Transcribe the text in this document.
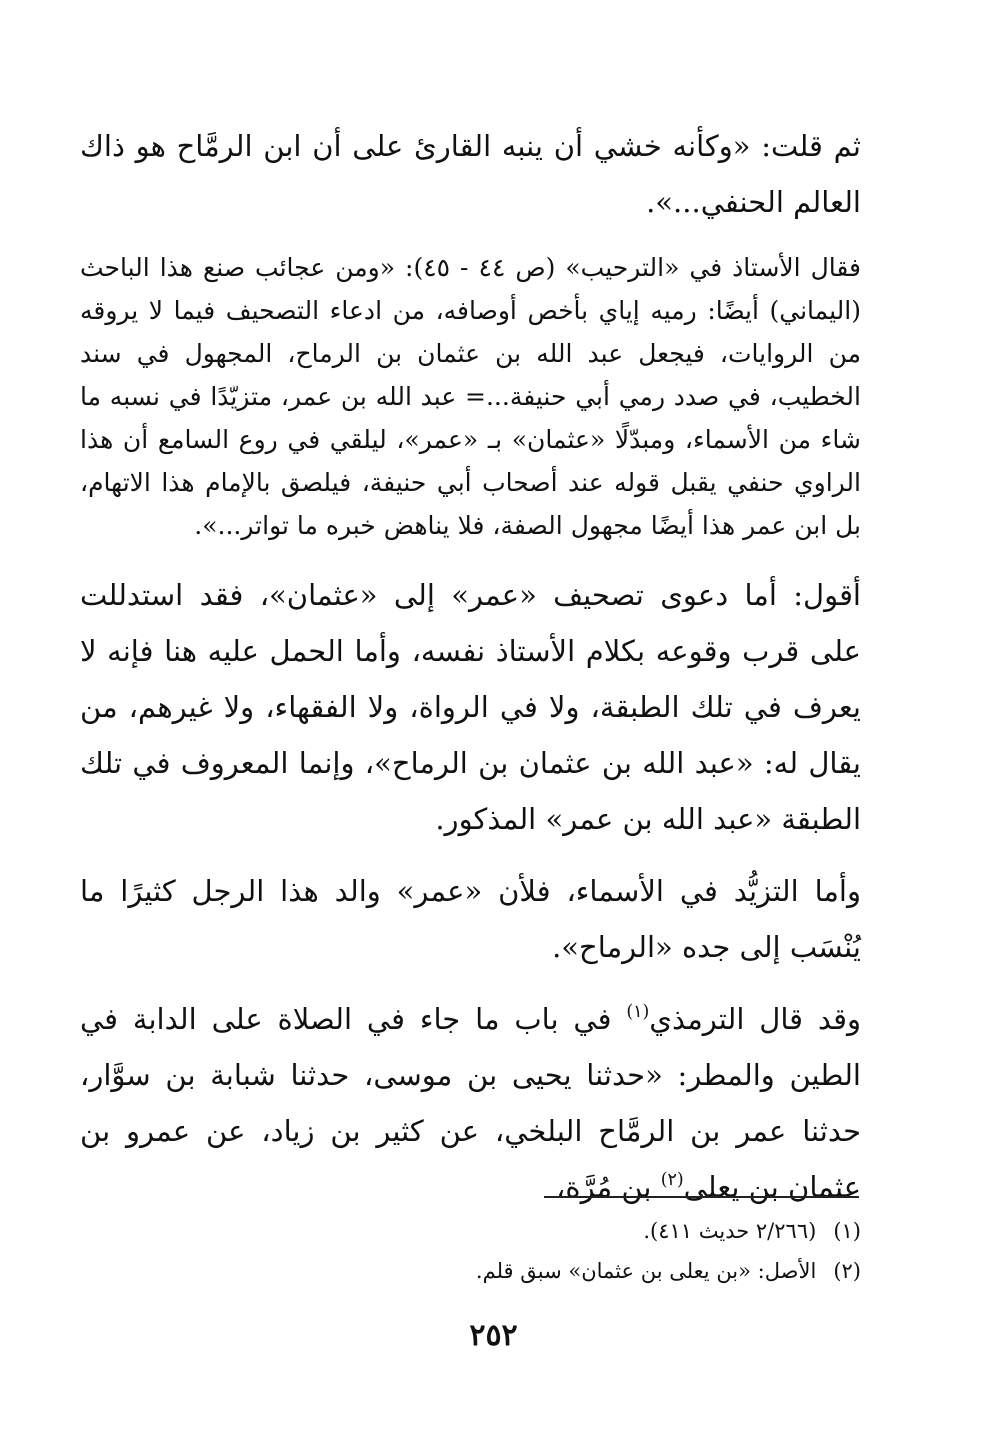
ثم قلت: «وكأنه خشي أن ينبه القارئ على أن ابن الرمَّاح هو ذاك العالم الحنفي...».

فقال الأستاذ في «الترحيب» (ص ٤٤ - ٤٥): «ومن عجائب صنع هذا الباحث (اليماني) أيضًا: رميه إياي بأخص أوصافه، من ادعاء التصحيف فيما لا يروقه من الروايات، فيجعل عبد الله بن عثمان بن الرماح، المجهول في سند الخطيب، في صدد رمي أبي حنيفة...= عبد الله بن عمر، متزيّدًا في نسبه ما شاء من الأسماء، ومبدّلًا «عثمان» بـ «عمر»، ليلقي في روع السامع أن هذا الراوي حنفي يقبل قوله عند أصحاب أبي حنيفة، فيلصق بالإمام هذا الاتهام، بل ابن عمر هذا أيضًا مجهول الصفة، فلا يناهض خبره ما تواتر...».

أقول: أما دعوى تصحيف «عمر» إلى «عثمان»، فقد استدللت على قرب وقوعه بكلام الأستاذ نفسه، وأما الحمل عليه هنا فإنه لا يعرف في تلك الطبقة، ولا في الرواة، ولا الفقهاء، ولا غيرهم، من يقال له: «عبد الله بن عثمان بن الرماح»، وإنما المعروف في تلك الطبقة «عبد الله بن عمر» المذكور.

وأما التزيُّد في الأسماء، فلأن «عمر» والد هذا الرجل كثيرًا ما يُنْسَب إلى جده «الرماح».

وقد قال الترمذي$^{(١)}$ في باب ما جاء في الصلاة على الدابة في الطين والمطر: «حدثنا يحيى بن موسى، حدثنا شبابة بن سوَّار، حدثنا عمر بن الرمَّاح البلخي، عن كثير بن زياد، عن عمرو بن عثمان بن يعلى$^{(٢)}$ بن مُرَّة،

(١) (٢/٢٦٦ حديث ٤١١).

(٢) الأصل: «بن يعلى بن عثمان» سبق قلم.

٢٥٢
